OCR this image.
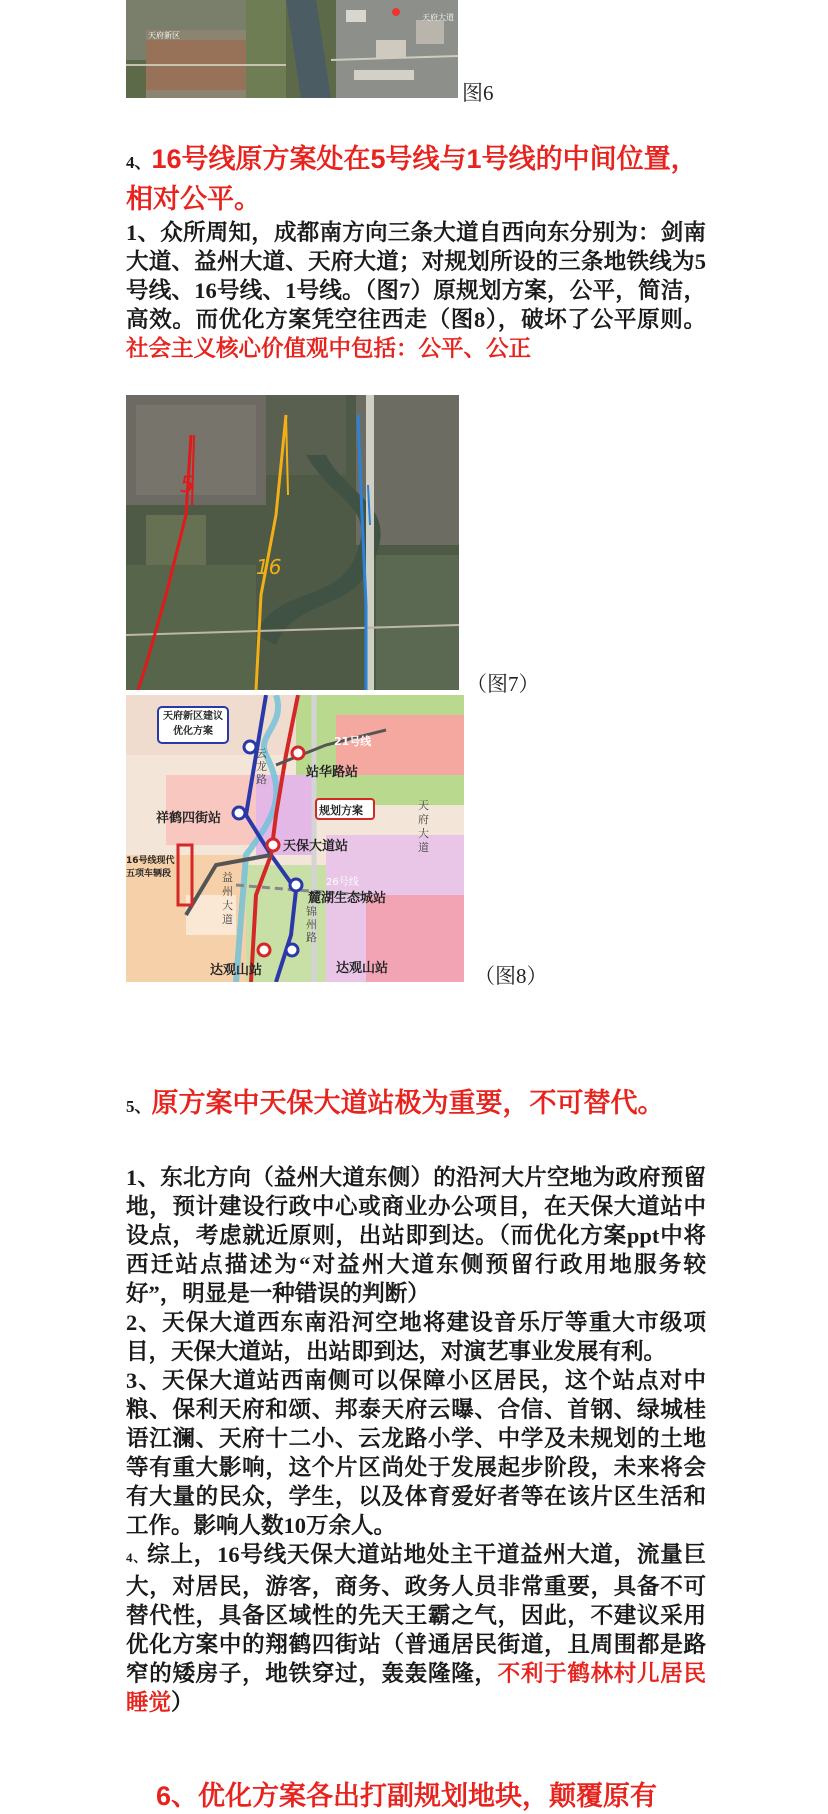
天府新区
天府大道
图6
4、16号线原方案处在5号线与1号线的中间位置，相对公平。

1、众所周知，成都南方向三条大道自西向东分别为：剑南大道、益州大道、天府大道；对规划所设的三条地铁线为5号线、16号线、1号线。（图7）原规划方案，公平，简洁，高效。而优化方案凭空往西走（图8），破坏了公平原则。社会主义核心价值观中包括：公平、公正

5
16
（图7）
天府新区建议优化方案
21号线
站华路站
云龙路
祥鹤四街站
规划方案	天府大道
天保大道站
16号线现代五项车辆段	益州大道
26号线
麓湖生态城站
锦州路
达观山站	达观山站	（图8）
5、原方案中天保大道站极为重要，不可替代。

1、东北方向（益州大道东侧）的沿河大片空地为政府预留地，预计建设行政中心或商业办公项目，在天保大道站中设点，考虑就近原则，出站即到达。（而优化方案ppt中将西迁站点描述为“对益州大道东侧预留行政用地服务较好”，明显是一种错误的判断）

2、天保大道西东南沿河空地将建设音乐厅等重大市级项目，天保大道站，出站即到达，对演艺事业发展有利。

3、天保大道站西南侧可以保障小区居民，这个站点对中粮、保利天府和颂、邦泰天府云曝、合信、首钢、绿城桂语江澜、天府十二小、云龙路小学、中学及未规划的土地等有重大影响，这个片区尚处于发展起步阶段，未来将会有大量的民众，学生，以及体育爱好者等在该片区生活和工作。影响人数10万余人。

4、综上，16号线天保大道站地处主干道益州大道，流量巨大，对居民，游客，商务、政务人员非常重要，具备不可替代性，具备区域性的先天王霸之气，因此，不建议采用优化方案中的翔鹤四街站（普通居民街道，且周围都是路窄的矮房子，地铁穿过，轰轰隆隆，不利于鹤林村儿居民睡觉）

6、优化方案各出打副规划地块，颠覆原有
